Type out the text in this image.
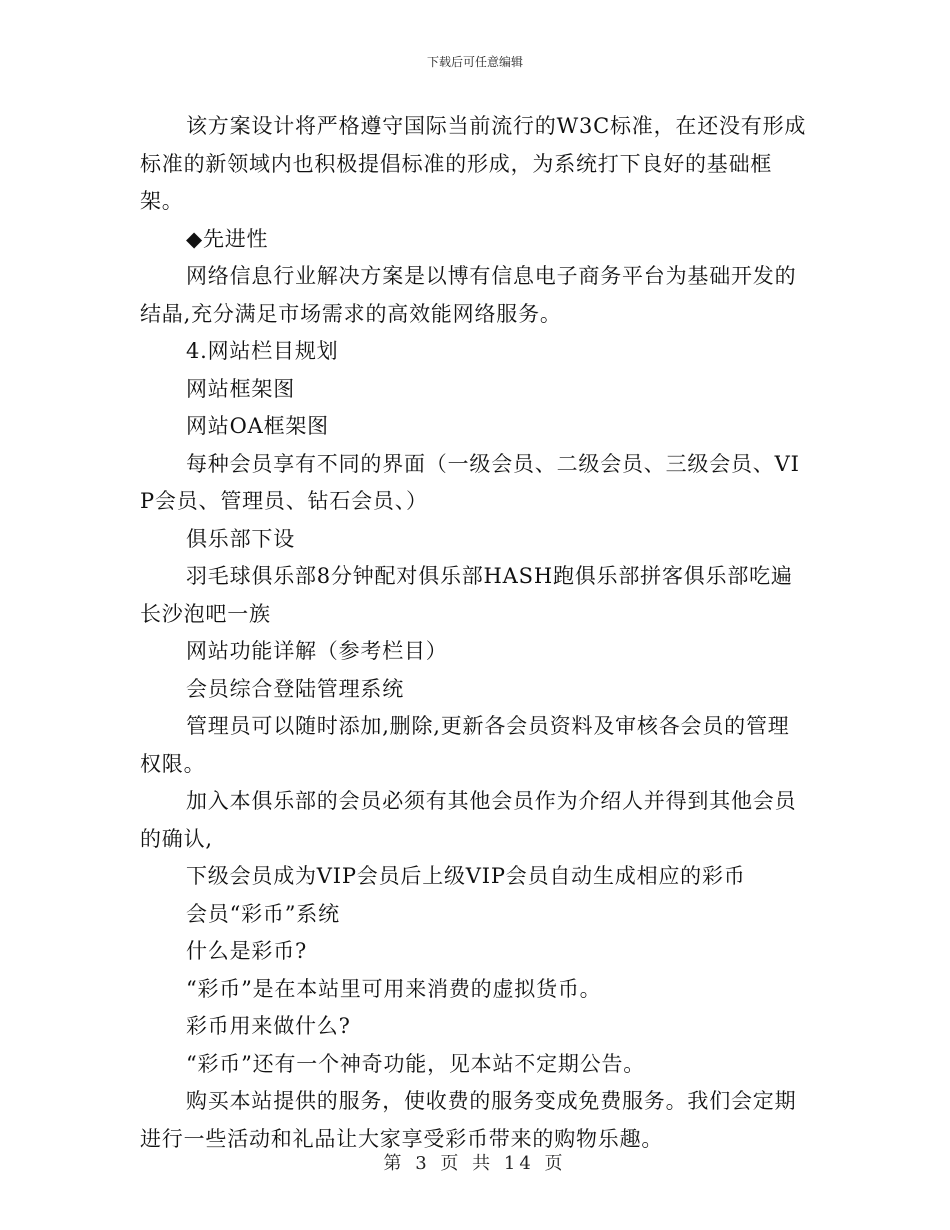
下载后可任意编辑

该方案设计将严格遵守国际当前流行的W3C标准，在还没有形成标准的新领域内也积极提倡标准的形成，为系统打下良好的基础框架。

◆先进性

网络信息行业解决方案是以博有信息电子商务平台为基础开发的结晶,充分满足市场需求的高效能网络服务。

4.网站栏目规划

网站框架图

网站OA框架图

每种会员享有不同的界面（一级会员、二级会员、三级会员、VIP会员、管理员、钻石会员、）

俱乐部下设

羽毛球俱乐部8分钟配对俱乐部HASH跑俱乐部拼客俱乐部吃遍长沙泡吧一族

网站功能详解（参考栏目）

会员综合登陆管理系统

管理员可以随时添加,删除,更新各会员资料及审核各会员的管理权限。

加入本俱乐部的会员必须有其他会员作为介绍人并得到其他会员的确认,

下级会员成为VIP会员后上级VIP会员自动生成相应的彩币

会员“彩币”系统

什么是彩币?

“彩币”是在本站里可用来消费的虚拟货币。

彩币用来做什么?

“彩币”还有一个神奇功能，见本站不定期公告。

购买本站提供的服务，使收费的服务变成免费服务。我们会定期进行一些活动和礼品让大家享受彩币带来的购物乐趣。

第 3 页 共 14 页
